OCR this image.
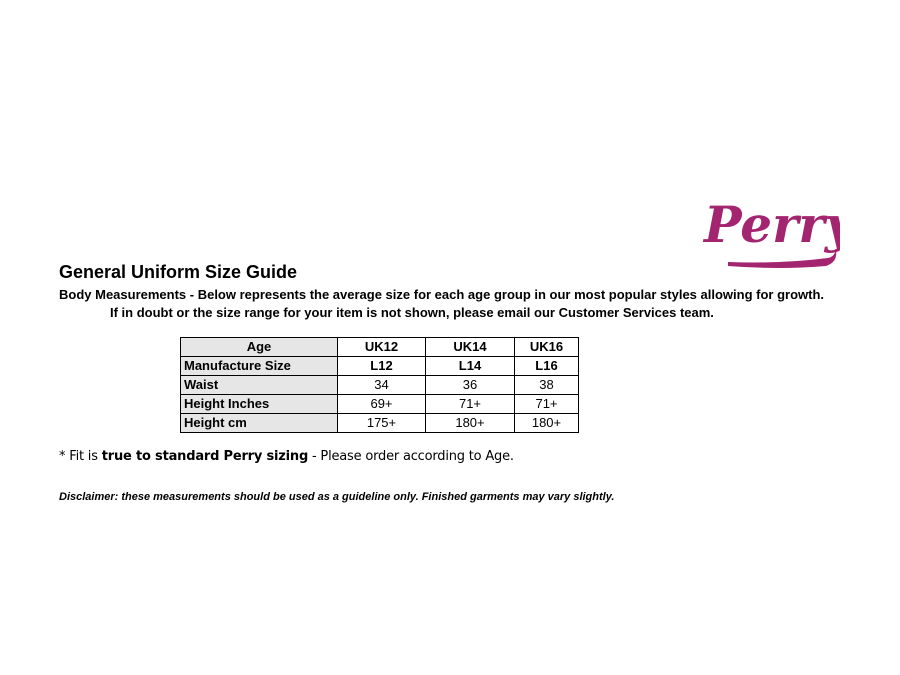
Perry
General Uniform Size Guide
Body Measurements - Below represents the average size for each age group in our most popular styles allowing for growth.
If in doubt or the size range for your item is not shown, please email our Customer Services team.
Age	UK12	UK14	UK16
Manufacture Size	L12	L14	L16
Waist	34	36	38
Height Inches	69+	71+	71+
Height cm	175+	180+	180+
* Fit is true to standard Perry sizing - Please order according to Age.
Disclaimer: these measurements should be used as a guideline only. Finished garments may vary slightly.
